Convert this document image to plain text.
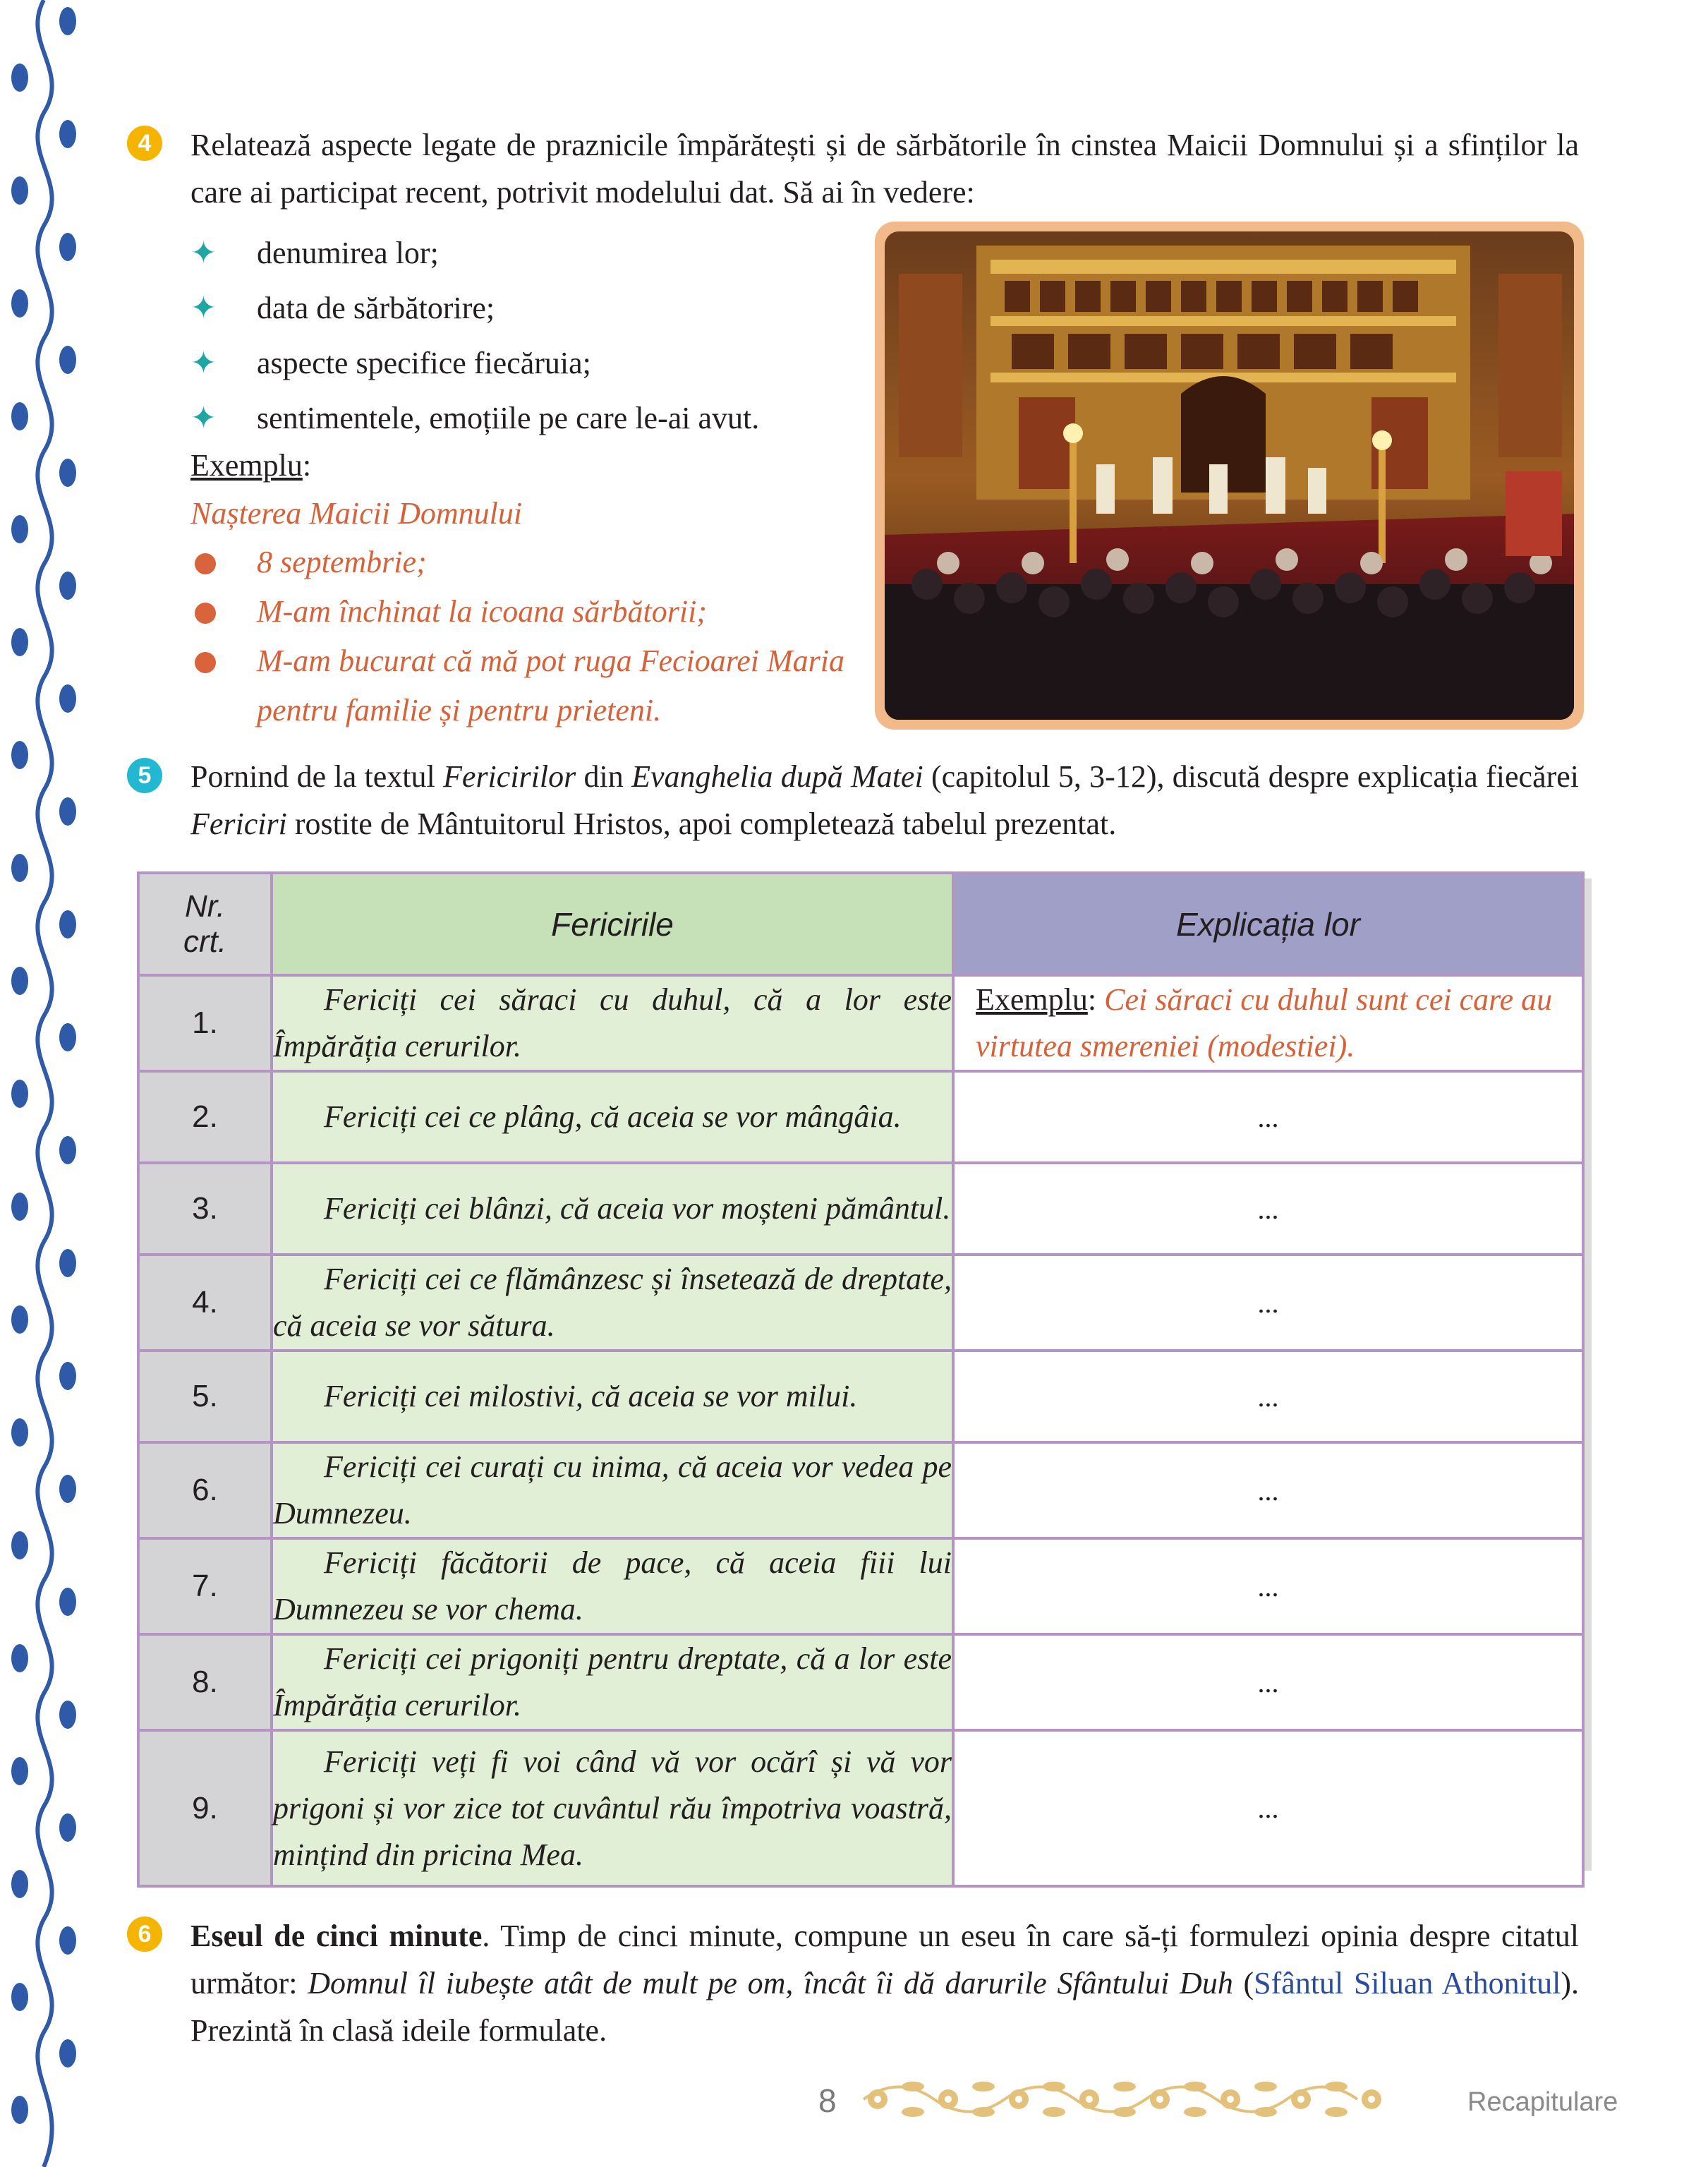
4	Relatează aspecte legate de praznicile împărătești și de sărbătorile în cinstea Maicii Domnului și a sfinților la care ai participat recent, potrivit modelului dat. Să ai în vedere:
✦	denumirea lor;
✦	data de sărbătorire;
✦	aspecte specifice fiecăruia;
✦	sentimentele, emoțiile pe care le-ai avut.
Exemplu:
Nașterea Maicii Domnului
8 septembrie;
M-am închinat la icoana sărbătorii;
M-am bucurat că mă pot ruga Fecioarei Maria pentru familie și pentru prieteni.
5	Pornind de la textul Fericirilor din Evanghelia după Matei (capitolul 5, 3-12), discută despre explicația fiecărei Fericiri rostite de Mântuitorul Hristos, apoi completează tabelul prezentat.
Nr.
crt.	Fericirile	Explicația lor
1.	Fericiți cei săraci cu duhul, că a lor este Împărăția cerurilor.	Exemplu: Cei săraci cu duhul sunt cei care au virtutea smereniei (modestiei).
2.	Fericiți cei ce plâng, că aceia se vor mângâia.	...
3.	Fericiți cei blânzi, că aceia vor moșteni pământul.	...
4.	Fericiți cei ce flămânzesc și însetează de dreptate, că aceia se vor sătura.	...
5.	Fericiți cei milostivi, că aceia se vor milui.	...
6.	Fericiți cei curați cu inima, că aceia vor vedea pe Dumnezeu.	...
7.	Fericiți făcătorii de pace, că aceia fiii lui Dumnezeu se vor chema.	...
8.	Fericiți cei prigoniți pentru dreptate, că a lor este Împărăția cerurilor.	...
9.	Fericiți veți fi voi când vă vor ocărî și vă vor prigoni și vor zice tot cuvântul rău împotriva voastră, mințind din pricina Mea.	...
6	Eseul de cinci minute. Timp de cinci minute, compune un eseu în care să-ți formulezi opinia despre citatul următor: Domnul îl iubește atât de mult pe om, încât îi dă darurile Sfântului Duh (Sfântul Siluan Athonitul). Prezintă în clasă ideile formulate.
8	Recapitulare
